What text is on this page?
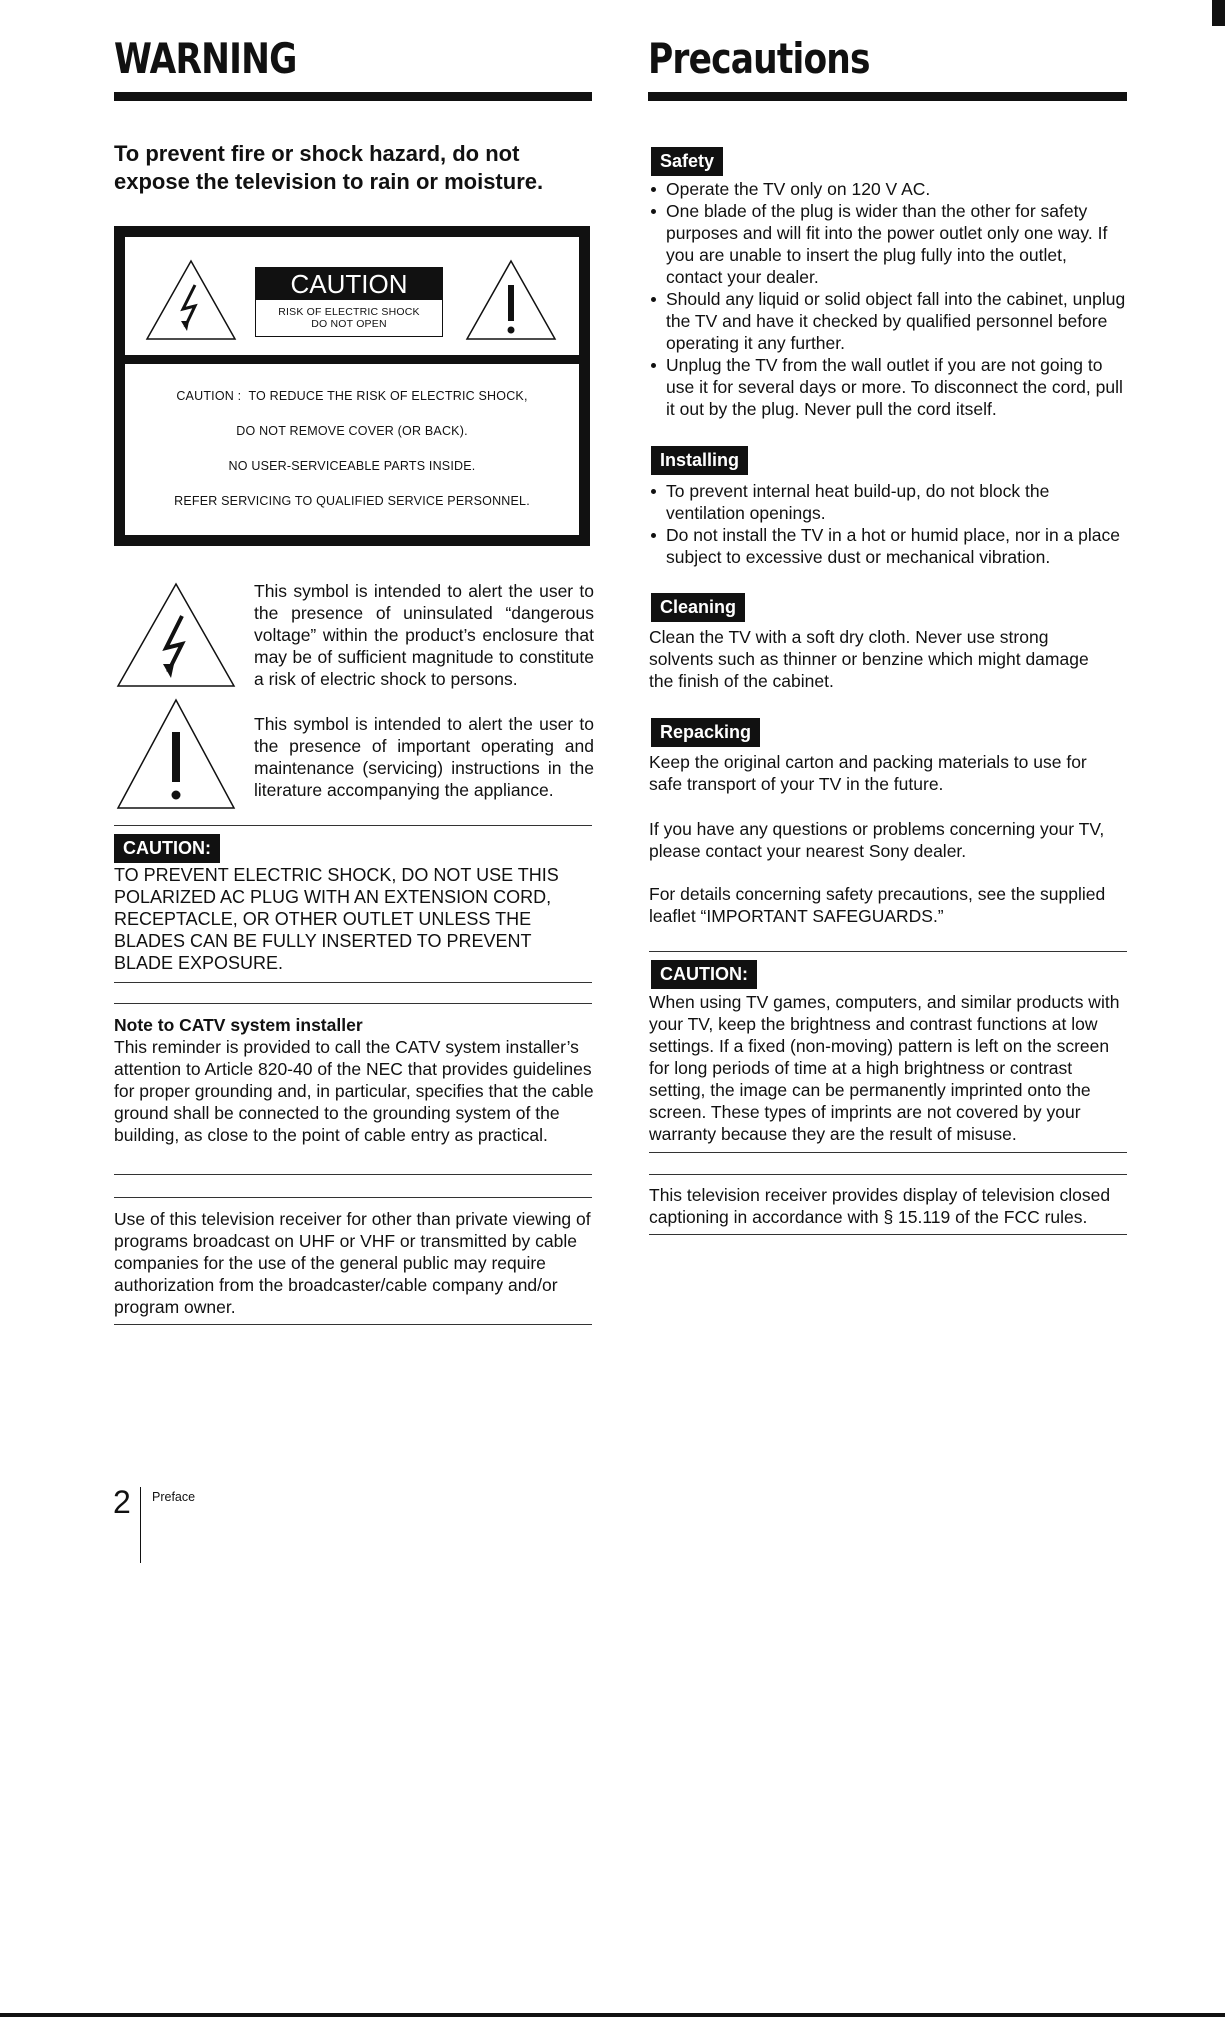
WARNING
To prevent fire or shock hazard, do not expose the television to rain or moisture.
CAUTION
RISK OF ELECTRIC SHOCK
DO NOT OPEN
CAUTION :  TO REDUCE THE RISK OF ELECTRIC SHOCK,
DO NOT REMOVE COVER (OR BACK).
NO USER-SERVICEABLE PARTS INSIDE.
REFER SERVICING TO QUALIFIED SERVICE PERSONNEL.
This symbol is intended to alert the user to the presence of uninsulated “dangerous voltage” within the product’s enclosure that may be of sufficient magnitude to constitute a risk of electric shock to persons.
This symbol is intended to alert the user to the presence of important operating and maintenance (servicing) instructions in the literature accompanying the appliance.
CAUTION:
TO PREVENT ELECTRIC SHOCK, DO NOT USE THIS POLARIZED AC PLUG WITH AN EXTENSION CORD, RECEPTACLE, OR OTHER OUTLET UNLESS THE BLADES CAN BE FULLY INSERTED TO PREVENT BLADE EXPOSURE.
Note to CATV system installer
This reminder is provided to call the CATV system installer’s attention to Article 820-40 of the NEC that provides guidelines for proper grounding and, in particular, specifies that the cable ground shall be connected to the grounding system of the building, as close to the point of cable entry as practical.
Use of this television receiver for other than private viewing of programs broadcast on UHF or VHF or transmitted by cable companies for the use of the general public may require authorization from the broadcaster/cable company and/or program owner.
Precautions
Safety
Operate the TV only on 120 V AC.
One blade of the plug is wider than the other for safety purposes and will fit into the power outlet only one way. If you are unable to insert the plug fully into the outlet, contact your dealer.
Should any liquid or solid object fall into the cabinet, unplug the TV and have it checked by qualified personnel before operating it any further.
Unplug the TV from the wall outlet if you are not going to use it for several days or more. To disconnect the cord, pull it out by the plug. Never pull the cord itself.
Installing
To prevent internal heat build-up, do not block the ventilation openings.
Do not install the TV in a hot or humid place, nor in a place subject to excessive dust or mechanical vibration.
Cleaning
Clean the TV with a soft dry cloth. Never use strong solvents such as thinner or benzine which might damage the finish of the cabinet.
Repacking
Keep the original carton and packing materials to use for safe transport of your TV in the future.
If you have any questions or problems concerning your TV, please contact your nearest Sony dealer.
For details concerning safety precautions, see the supplied leaflet “IMPORTANT SAFEGUARDS.”
CAUTION:
When using TV games, computers, and similar products with your TV, keep the brightness and contrast functions at low settings. If a fixed (non-moving) pattern is left on the screen for long periods of time at a high brightness or contrast setting, the image can be permanently imprinted onto the screen. These types of imprints are not covered by your warranty because they are the result of misuse.
This television receiver provides display of television closed captioning in accordance with § 15.119 of the FCC rules.
2 Preface
